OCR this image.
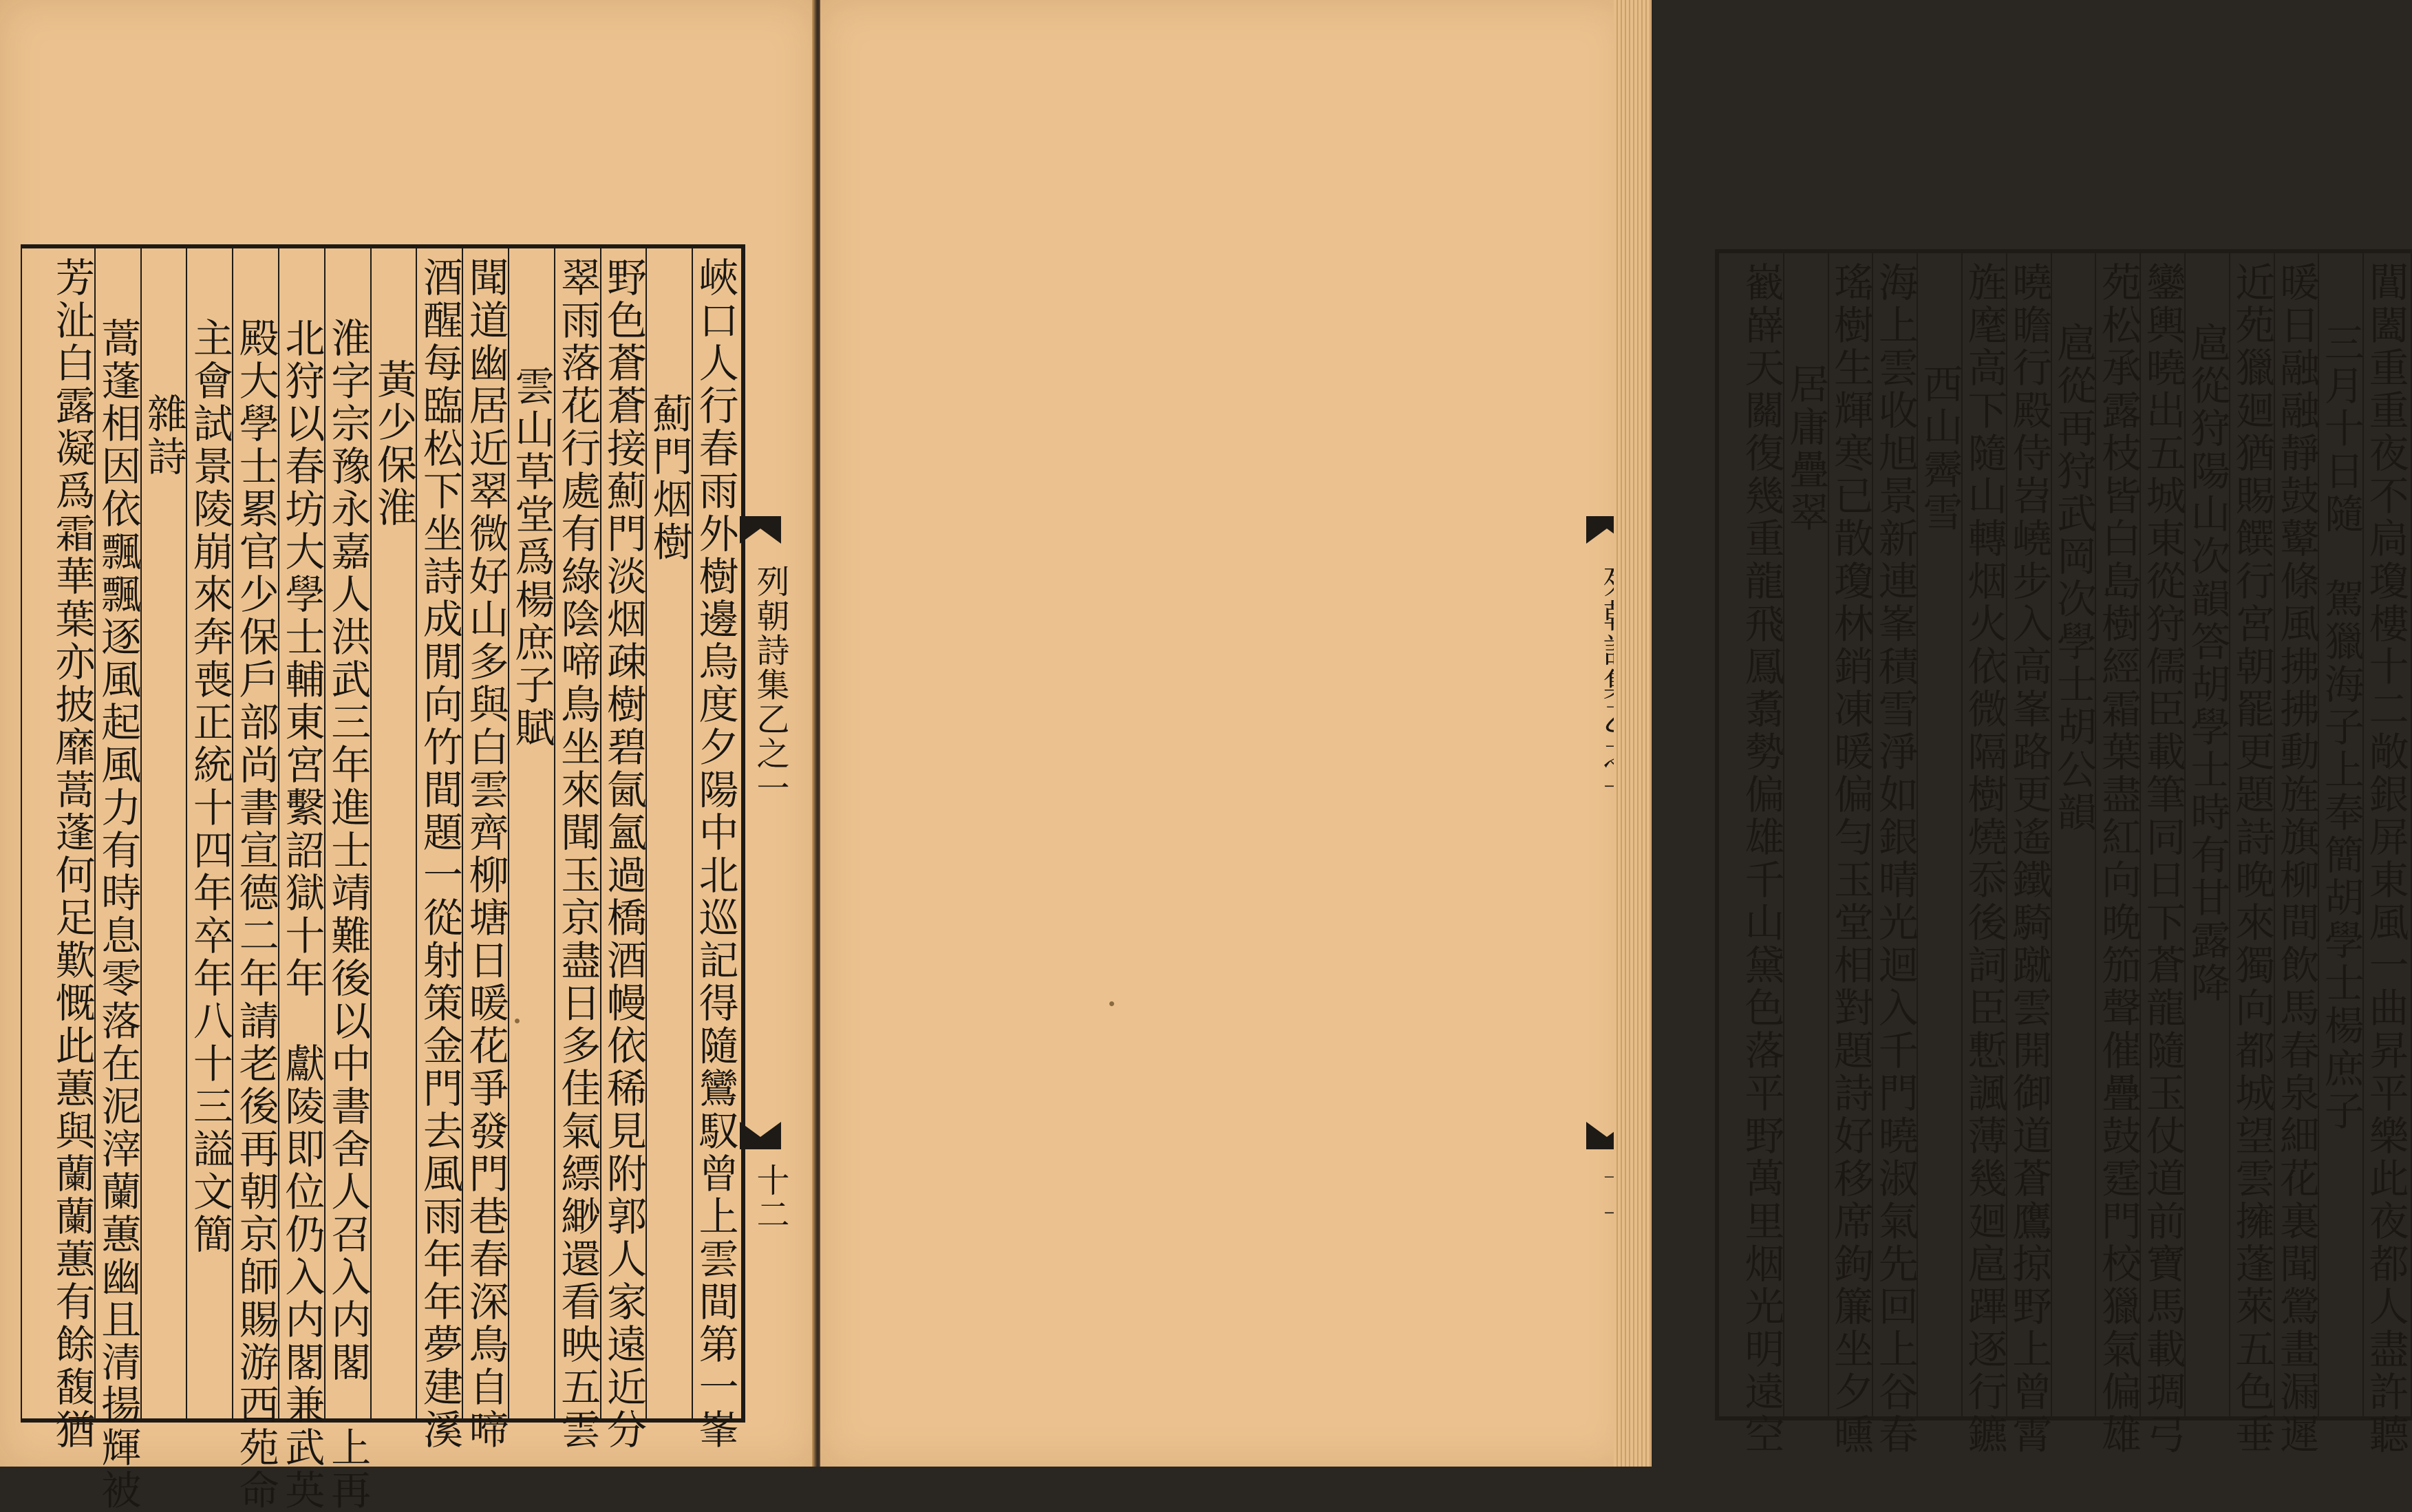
峽口人行春雨外樹邊烏度夕陽中北巡記得隨鸞馭曾上雲間第一峯
薊門烟樹
野色蒼蒼接薊門淡烟疎樹碧氤氳過橋酒幔依稀見附郭人家遠近分
翠雨落花行處有綠陰啼鳥坐來聞玉京盡日多佳氣縹緲還看映五雲
雲山草堂爲楊庶子賦
聞道幽居近翠微好山多與白雲齊柳塘日暖花爭發門巷春深鳥自啼
酒醒每臨松下坐詩成閒向竹間題一從射策金門去風雨年年夢建溪
黃少保淮
淮字宗豫永嘉人洪武三年進士靖難後以中書舍人召入内閣　上再
北狩以春坊大學士輔東宮繫詔獄十年　獻陵即位仍入内閣兼武英
殿大學士累官少保戶部尚書宣德二年請老後再朝京師賜游西苑命
主會試景陵崩來奔喪正統十四年卒年八十三謚文簡
雜詩
蒿蓬相因依飄飄逐風起風力有時息零落在泥滓蘭蕙幽且清揚輝被
芳沚白露凝爲霜華葉亦披靡蒿蓬何足歎慨此蕙與蘭蘭蕙有餘馥猶	列朝詩集乙之一
十二	閶闔重重夜不扃瓊樓十二敞銀屏東風一曲昇平樂此夜都人盡許聽
三月十日隨　駕獵海子上奉簡胡學士楊庶子
暖日融融靜鼓鼙條風拂拂動旌旗柳間飲馬春泉細花裏聞鶯畫漏遲
近苑獵廻猶賜饌行宮朝罷更題詩晚來獨向都城望雲擁蓬萊五色垂
扈從狩陽山次韻答胡學士時有甘露降
鑾輿曉出五城東從狩儒臣載筆同日下蒼龍隨玉仗道前寶馬載琱弓
苑松承露枝皆白島樹經霜葉盡紅向晚笳聲催疊鼓霆門校獵氣偏雄
扈從再狩武岡次學士胡公韻
曉瞻行殿侍岧嶢步入高峯路更遙鐵騎蹴雲開御道蒼鷹掠野上曾霄
旌麾高下隨山轉烟火依微隔樹燒忝後詞臣慙諷薄幾廻扈蹕逐行鑣
西山霽雪
海上雲收旭景新連峯積雪淨如銀晴光迴入千門曉淑氣先回上谷春
瑤樹生輝寒已散瓊林銷凍暖偏勻玉堂相對題詩好移席鉤簾坐夕曛
居庸疊翠
巀嶭天關復幾重龍飛鳳翥勢偏雄千山黛色落平野萬里烟光明遠空
